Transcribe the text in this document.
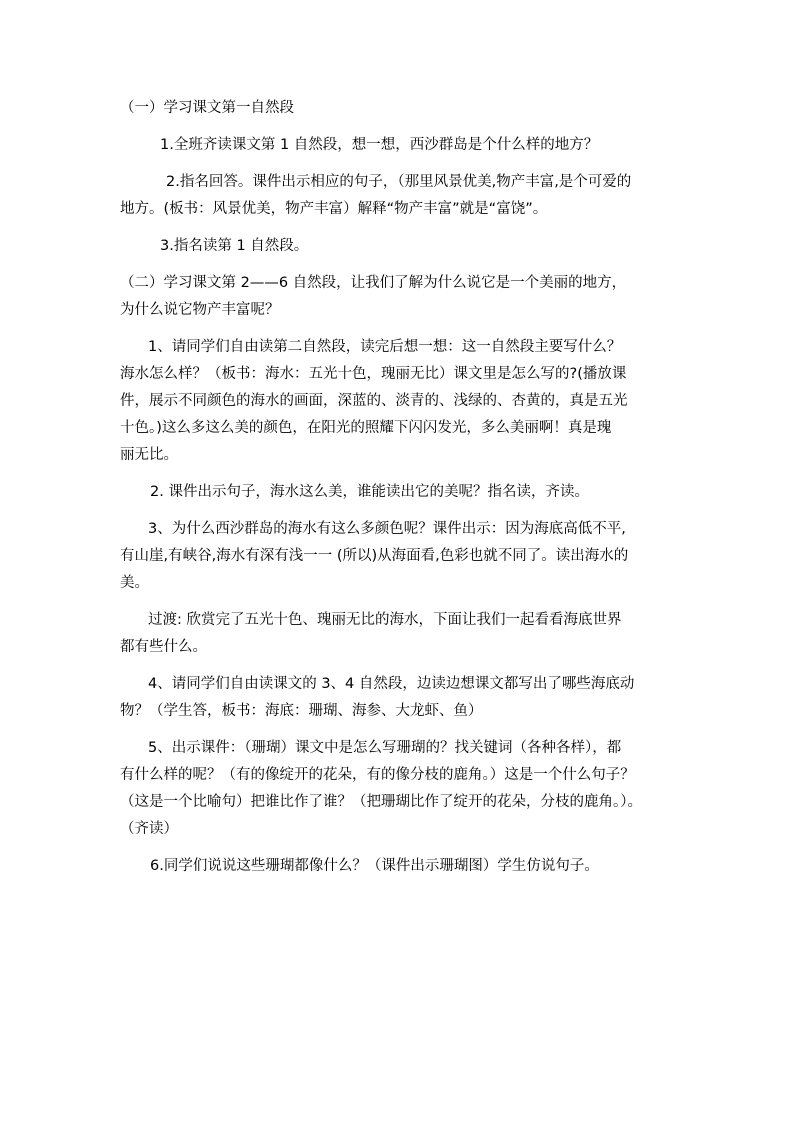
（一）学习课文第一自然段

1.全班齐读课文第 1 自然段，想一想，西沙群岛是个什么样的地方？

2.指名回答。课件出示相应的句子，（那里风景优美,物产丰富,是个可爱的
地方。(板书：风景优美，物产丰富）解释“物产丰富”就是“富饶”。

3.指名读第 1 自然段。

（二）学习课文第 2——6 自然段，让我们了解为什么说它是一个美丽的地方，
为什么说它物产丰富呢？

1、请同学们自由读第二自然段，读完后想一想：这一自然段主要写什么？
海水怎么样？（板书：海水：五光十色，瑰丽无比）课文里是怎么写的?(播放课
件，展示不同颜色的海水的画面，深蓝的、淡青的、浅绿的、杏黄的，真是五光
十色。)这么多这么美的颜色，在阳光的照耀下闪闪发光，多么美丽啊！真是瑰
丽无比。

2. 课件出示句子，海水这么美，谁能读出它的美呢？指名读，齐读。

3、为什么西沙群岛的海水有这么多颜色呢？课件出示：因为海底高低不平,
有山崖,有峡谷,海水有深有浅一一 (所以)从海面看,色彩也就不同了。读出海水的
美。

过渡: 欣赏完了五光十色、瑰丽无比的海水，下面让我们一起看看海底世界
都有些什么。

4、请同学们自由读课文的 3、4 自然段，边读边想课文都写出了哪些海底动
物？（学生答，板书：海底：珊瑚、海参、大龙虾、鱼）

5、出示课件：（珊瑚）课文中是怎么写珊瑚的？找关键词（各种各样），都
有什么样的呢？（有的像绽开的花朵，有的像分枝的鹿角。）这是一个什么句子？
（这是一个比喻句）把谁比作了谁？（把珊瑚比作了绽开的花朵，分枝的鹿角。）。
（齐读）

6.同学们说说这些珊瑚都像什么？（课件出示珊瑚图）学生仿说句子。
